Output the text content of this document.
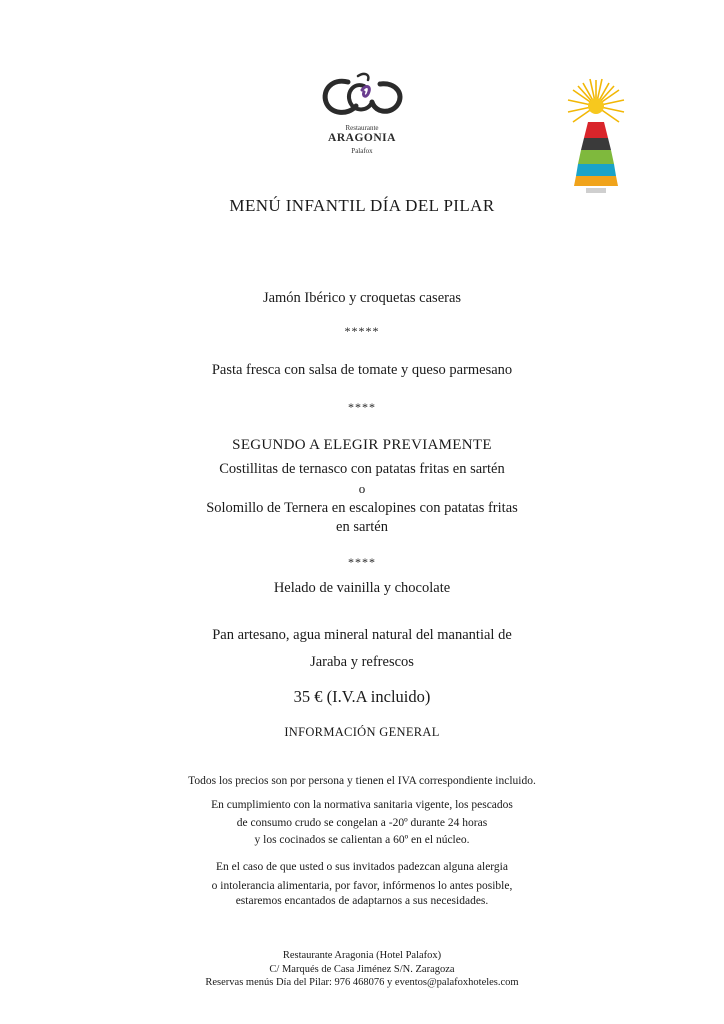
Restaurante
ARAGONIA
Palafox
MENÚ INFANTIL DÍA DEL PILAR
Jamón Ibérico y croquetas caseras
*****
Pasta fresca con salsa de tomate y queso parmesano
****
SEGUNDO A ELEGIR PREVIAMENTE
Costillitas de ternasco con patatas fritas en sartén
o
Solomillo de Ternera en escalopines con patatas fritas
en sartén
****
Helado de vainilla y chocolate
Pan artesano, agua mineral natural del manantial de
Jaraba y refrescos
35 € (I.V.A incluido)
INFORMACIÓN GENERAL
Todos los precios son por persona y tienen el IVA correspondiente incluido.
En cumplimiento con la normativa sanitaria vigente, los pescados
de consumo crudo se congelan a -20º durante 24 horas
y los cocinados se calientan a 60º en el núcleo.
En el caso de que usted o sus invitados padezcan alguna alergia
o intolerancia alimentaria, por favor, infórmenos lo antes posible,
estaremos encantados de adaptarnos a sus necesidades.
Restaurante Aragonia (Hotel Palafox)
C/ Marqués de Casa Jiménez S/N. Zaragoza
Reservas menús Día del Pilar: 976 468076 y eventos@palafoxhoteles.com
